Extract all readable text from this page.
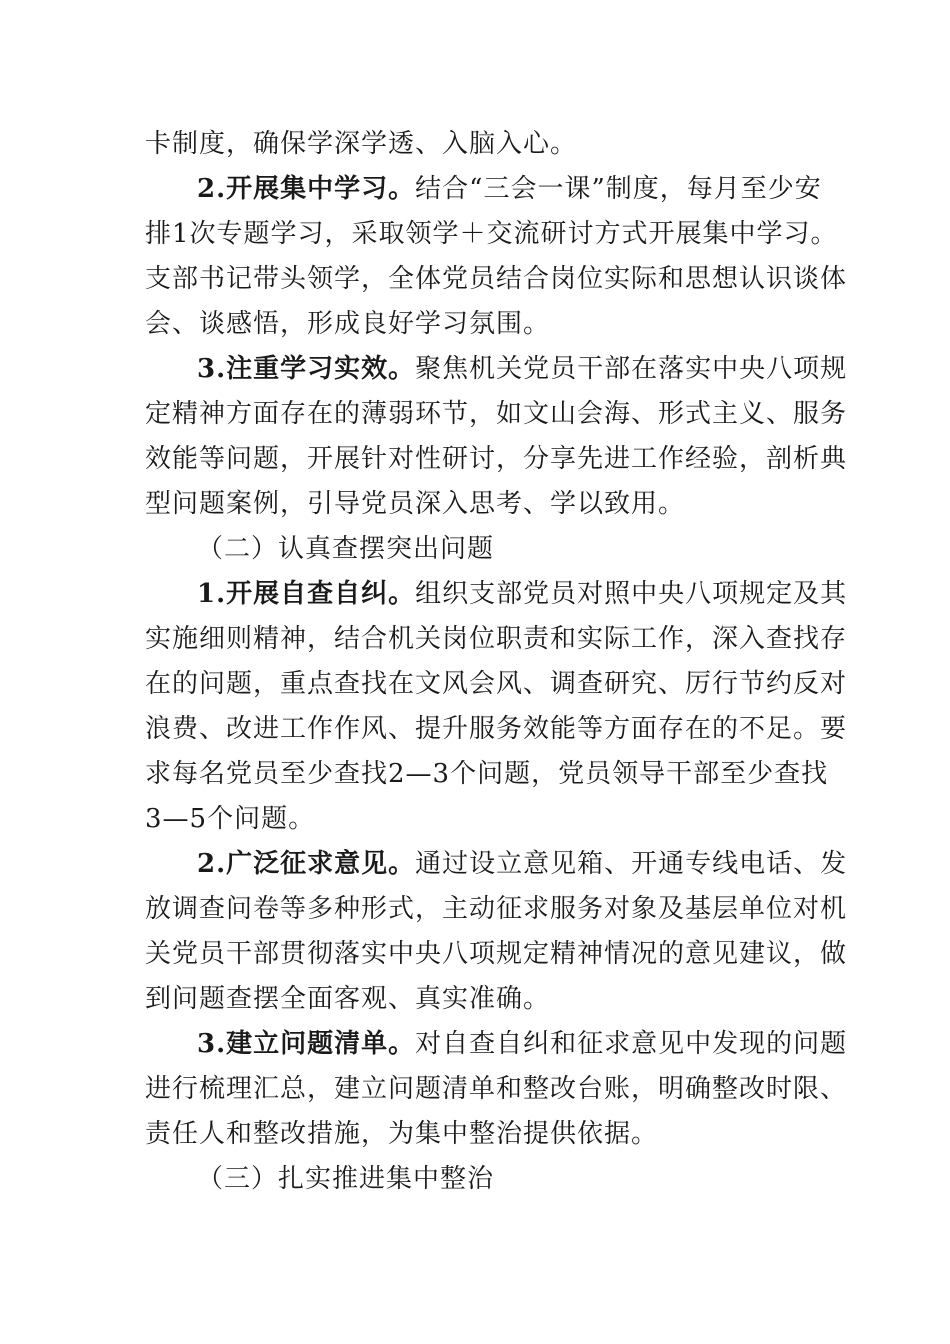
卡制度，确保学深学透、入脑入心。
2.开展集中学习。结合“三会一课”制度，每月至少安
排1次专题学习，采取领学＋交流研讨方式开展集中学习。
支部书记带头领学，全体党员结合岗位实际和思想认识谈体
会、谈感悟，形成良好学习氛围。
3.注重学习实效。聚焦机关党员干部在落实中央八项规
定精神方面存在的薄弱环节，如文山会海、形式主义、服务
效能等问题，开展针对性研讨，分享先进工作经验，剖析典
型问题案例，引导党员深入思考、学以致用。
（二）认真查摆突出问题
1.开展自查自纠。组织支部党员对照中央八项规定及其
实施细则精神，结合机关岗位职责和实际工作，深入查找存
在的问题，重点查找在文风会风、调查研究、厉行节约反对
浪费、改进工作作风、提升服务效能等方面存在的不足。要
求每名党员至少查找2—3个问题，党员领导干部至少查找
3—5个问题。
2.广泛征求意见。通过设立意见箱、开通专线电话、发
放调查问卷等多种形式，主动征求服务对象及基层单位对机
关党员干部贯彻落实中央八项规定精神情况的意见建议，做
到问题查摆全面客观、真实准确。
3.建立问题清单。对自查自纠和征求意见中发现的问题
进行梳理汇总，建立问题清单和整改台账，明确整改时限、
责任人和整改措施，为集中整治提供依据。
（三）扎实推进集中整治
